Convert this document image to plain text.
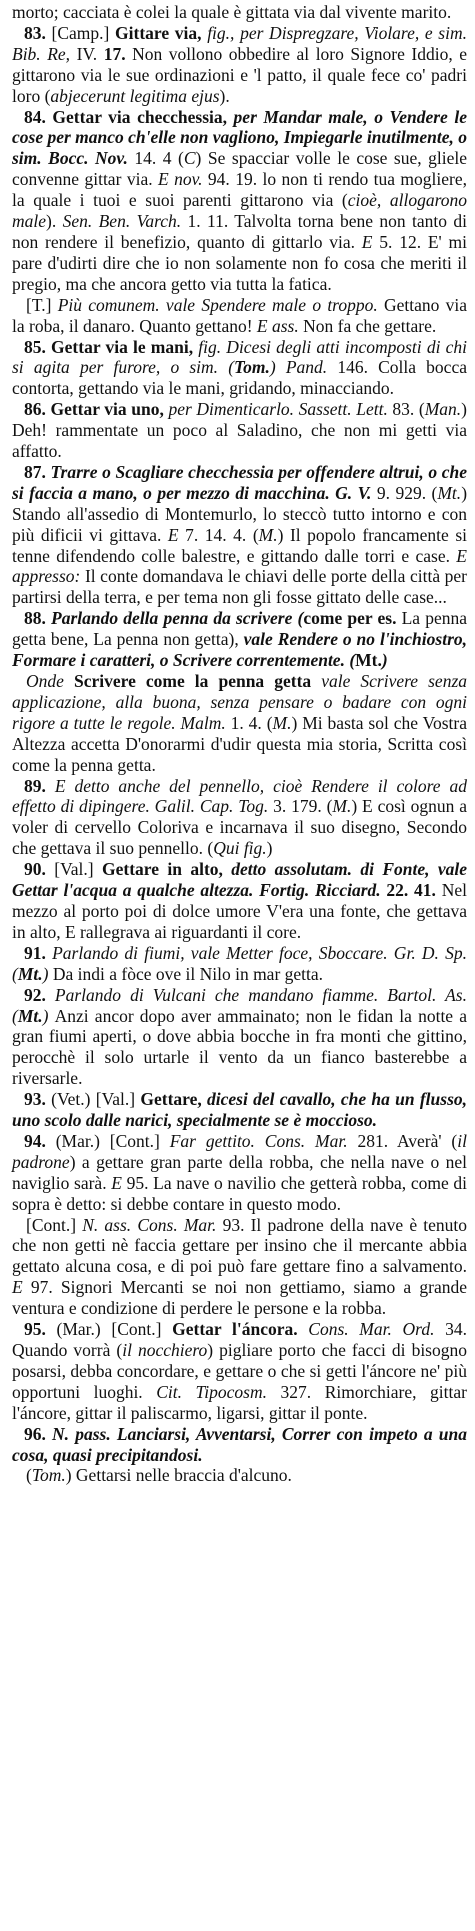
morto; cacciata è colei la quale è gittata via dal vivente marito.

83. [Camp.] Gittare via, fig., per Dispregzare, Violare, e sim. Bib. Re, IV. 17. Non vollono obbedire al loro Signore Iddio, e gittarono via le sue ordinazioni e 'l patto, il quale fece co' padri loro (abjecerunt legitima ejus).

84. Gettar via checchessia, per Mandar male, o Vendere le cose per manco ch'elle non vagliono, Impiegarle inutilmente, o sim. Bocc. Nov. 14. 4 (C) Se spacciar volle le cose sue, gliele convenne gittar via. E nov. 94. 19. lo non ti rendo tua mogliere, la quale i tuoi e suoi parenti gittarono via (cioè, allogarono male). Sen. Ben. Varch. 1. 11. Talvolta torna bene non tanto di non rendere il benefizio, quanto di gittarlo via. E 5. 12. E' mi pare d'udirti dire che io non solamente non fo cosa che meriti il pregio, ma che ancora getto via tutta la fatica.

[T.] Più comunem. vale Spendere male o troppo. Gettano via la roba, il danaro. Quanto gettano! E ass. Non fa che gettare.

85. Gettar via le mani, fig. Dicesi degli atti incomposti di chi si agita per furore, o sim. (Tom.) Pand. 146. Colla bocca contorta, gettando via le mani, gridando, minacciando.

86. Gettar via uno, per Dimenticarlo. Sassett. Lett. 83. (Man.) Deh! rammentate un poco al Saladino, che non mi getti via affatto.

87. Trarre o Scagliare checchessia per offendere altrui, o che si faccia a mano, o per mezzo di macchina. G. V. 9. 929. (Mt.) Stando all'assedio di Montemurlo, lo steccò tutto intorno e con più dificii vi gittava. E 7. 14. 4. (M.) Il popolo francamente si tenne difendendo colle balestre, e gittando dalle torri e case. E appresso: Il conte domandava le chiavi delle porte della città per partirsi della terra, e per tema non gli fosse gittato delle case...

88. Parlando della penna da scrivere (come per es. La penna getta bene, La penna non getta), vale Rendere o no l'inchiostro, Formare i caratteri, o Scrivere correntemente. (Mt.)

Onde Scrivere come la penna getta vale Scrivere senza applicazione, alla buona, senza pensare o badare con ogni rigore a tutte le regole. Malm. 1. 4. (M.) Mi basta sol che Vostra Altezza accetta D'onorarmi d'udir questa mia storia, Scritta così come la penna getta.

89. E detto anche del pennello, cioè Rendere il colore ad effetto di dipingere. Galil. Cap. Tog. 3. 179. (M.) E così ognun a voler di cervello Coloriva e incarnava il suo disegno, Secondo che gettava il suo pennello. (Qui fig.)

90. [Val.] Gettare in alto, detto assolutam. di Fonte, vale Gettar l'acqua a qualche altezza. Fortig. Ricciard. 22. 41. Nel mezzo al porto poi di dolce umore V'era una fonte, che gettava in alto, E rallegrava ai riguardanti il core.

91. Parlando di fiumi, vale Metter foce, Sboccare. Gr. D. Sp. (Mt.) Da indi a fòce ove il Nilo in mar getta.

92. Parlando di Vulcani che mandano fiamme. Bartol. As. (Mt.) Anzi ancor dopo aver ammainato; non le fidan la notte a gran fiumi aperti, o dove abbia bocche in fra monti che gittino, perocchè il solo urtarle il vento da un fianco basterebbe a riversarle.

93. (Vet.) [Val.] Gettare, dicesi del cavallo, che ha un flusso, uno scolo dalle narici, specialmente se è moccioso.

94. (Mar.) [Cont.] Far gettito. Cons. Mar. 281. Averà' (il padrone) a gettare gran parte della robba, che nella nave o nel naviglio sarà. E 95. La nave o navilio che getterà robba, come di sopra è detto: si debbe contare in questo modo.

[Cont.] N. ass. Cons. Mar. 93. Il padrone della nave è tenuto che non getti nè faccia gettare per insino che il mercante abbia gettato alcuna cosa, e di poi può fare gettare fino a salvamento. E 97. Signori Mercanti se noi non gettiamo, siamo a grande ventura e condizione di perdere le persone e la robba.

95. (Mar.) [Cont.] Gettar l'áncora. Cons. Mar. Ord. 34. Quando vorrà (il nocchiero) pigliare porto che facci di bisogno posarsi, debba concordare, e gettare o che si getti l'áncore ne' più opportuni luoghi. Cit. Tipocosm. 327. Rimorchiare, gittar l'áncore, gittar il paliscarmo, ligarsi, gittar il ponte.

96. N. pass. Lanciarsi, Avventarsi, Correr con impeto a una cosa, quasi precipitandosi.

(Tom.) Gettarsi nelle braccia d'alcuno.
